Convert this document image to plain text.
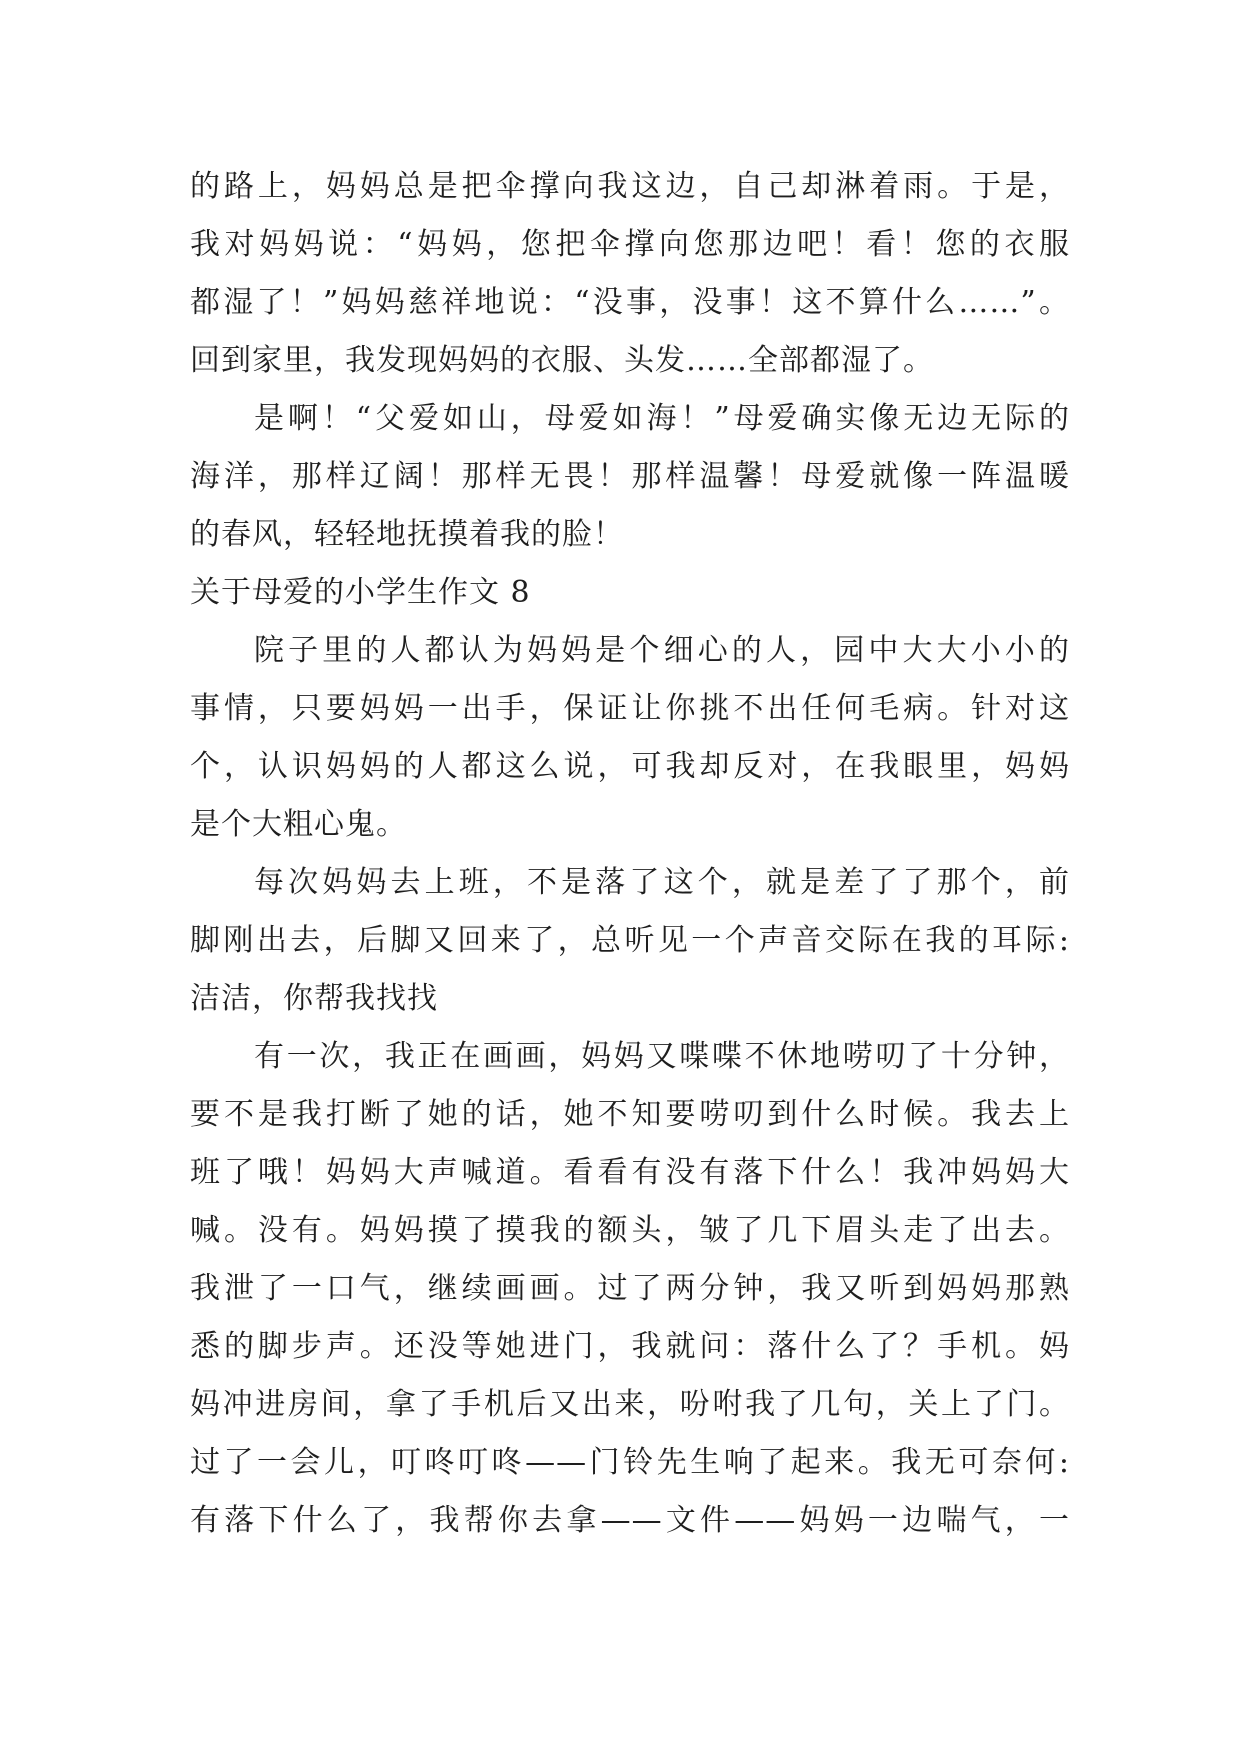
的路上，妈妈总是把伞撑向我这边，自己却淋着雨。于是，
我对妈妈说：“妈妈，您把伞撑向您那边吧！看！您的衣服
都湿了！”妈妈慈祥地说：“没事，没事！这不算什么……”。
回到家里，我发现妈妈的衣服、头发……全部都湿了。
是啊！“父爱如山，母爱如海！”母爱确实像无边无际的
海洋，那样辽阔！那样无畏！那样温馨！母爱就像一阵温暖
的春风，轻轻地抚摸着我的脸！
关于母爱的小学生作文 8
院子里的人都认为妈妈是个细心的人，园中大大小小的
事情，只要妈妈一出手，保证让你挑不出任何毛病。针对这
个，认识妈妈的人都这么说，可我却反对，在我眼里，妈妈
是个大粗心鬼。
每次妈妈去上班，不是落了这个，就是差了了那个，前
脚刚出去，后脚又回来了，总听见一个声音交际在我的耳际:
洁洁，你帮我找找
有一次，我正在画画，妈妈又喋喋不休地唠叨了十分钟，
要不是我打断了她的话，她不知要唠叨到什么时候。我去上
班了哦！妈妈大声喊道。看看有没有落下什么！我冲妈妈大
喊。没有。妈妈摸了摸我的额头，皱了几下眉头走了出去。
我泄了一口气，继续画画。过了两分钟，我又听到妈妈那熟
悉的脚步声。还没等她进门，我就问：落什么了？手机。妈
妈冲进房间，拿了手机后又出来，吩咐我了几句，关上了门。
过了一会儿，叮咚叮咚——门铃先生响了起来。我无可奈何:
有落下什么了，我帮你去拿——文件——妈妈一边喘气，一
